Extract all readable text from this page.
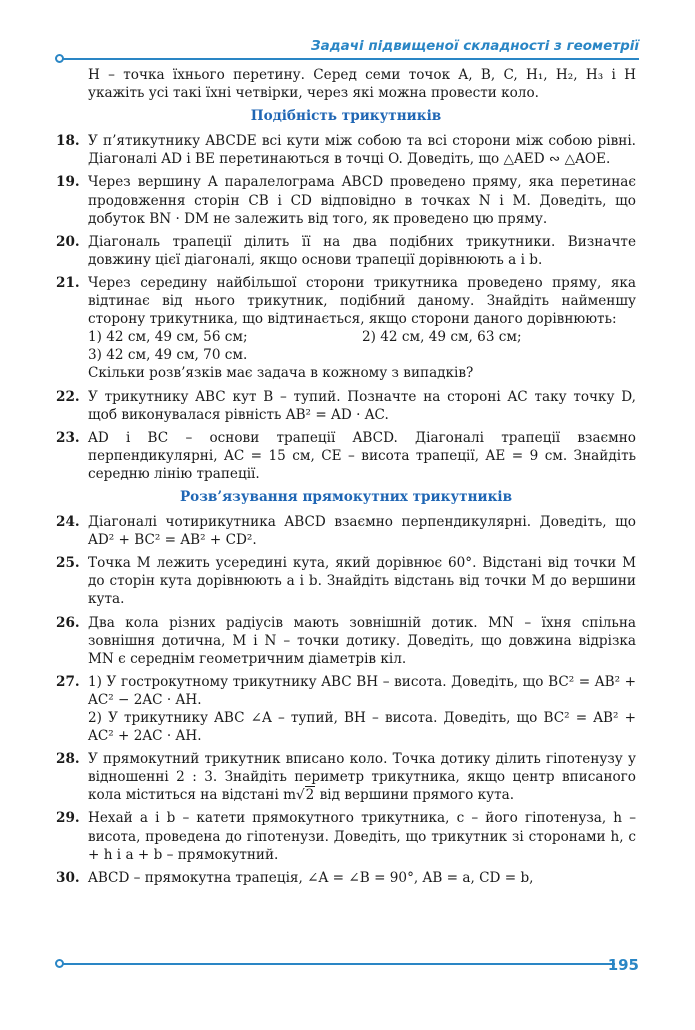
Задачі підвищеної складності з геометрії
H – точка їхнього перетину. Серед семи точок A, B, C, H₁, H₂, H₃ і H укажіть усі такі їхні четвірки, через які можна провести коло.
Подібність трикутників
18. У п’ятикутнику ABCDE всі кути між собою та всі сторони між собою рівні. Діагоналі AD і BE перетинаються в точці O. Доведіть, що △AED ∾ △AOE.
19. Через вершину A паралелограма ABCD проведено пряму, яка перетинає продовження сторін CB і CD відповідно в точках N і M. Доведіть, що добуток BN · DM не залежить від того, як проведено цю пряму.
20. Діагональ трапеції ділить її на два подібних трикутники. Визначте довжину цієї діагоналі, якщо основи трапеції дорівнюють a і b.
21. Через середину найбільшої сторони трикутника проведено пряму, яка відтинає від нього трикутник, подібний даному. Знайдіть найменшу сторону трикутника, що відтинається, якщо сторони даного дорівнюють:
1) 42 см, 49 см, 56 см;	2) 42 см, 49 см, 63 см;
3) 42 см, 49 см, 70 см.
Скільки розв’язків має задача в кожному з випадків?
22. У трикутнику ABC кут B – тупий. Позначте на стороні AC таку точку D, щоб виконувалася рівність AB² = AD · AC.
23. AD і BC – основи трапеції ABCD. Діагоналі трапеції взаємно перпендикулярні, AC = 15 см, CE – висота трапеції, AE = 9 см. Знайдіть середню лінію трапеції.
Розв’язування прямокутних трикутників
24. Діагоналі чотирикутника ABCD взаємно перпендикулярні. Доведіть, що AD² + BC² = AB² + CD².
25. Точка M лежить усередині кута, який дорівнює 60°. Відстані від точки M до сторін кута дорівнюють a і b. Знайдіть відстань від точки M до вершини кута.
26. Два кола різних радіусів мають зовнішній дотик. MN – їхня спільна зовнішня дотична, M і N – точки дотику. Доведіть, що довжина відрізка MN є середнім геометричним діаметрів кіл.
27. 1) У гострокутному трикутнику ABC BH – висота. Доведіть, що BC² = AB² + AC² − 2AC · AH.
2) У трикутнику ABC ∠A – тупий, BH – висота. Доведіть, що BC² = AB² + AC² + 2AC · AH.
28. У прямокутний трикутник вписано коло. Точка дотику ділить гіпотенузу у відношенні 2 : 3. Знайдіть периметр трикутника, якщо центр вписаного кола міститься на відстані m√2 від вершини прямого кута.
29. Нехай a і b – катети прямокутного трикутника, c – його гіпотенуза, h – висота, проведена до гіпотенузи. Доведіть, що трикутник зі сторонами h, c + h і a + b – прямокутний.
30. ABCD – прямокутна трапеція, ∠A = ∠B = 90°, AB = a, CD = b,
195
